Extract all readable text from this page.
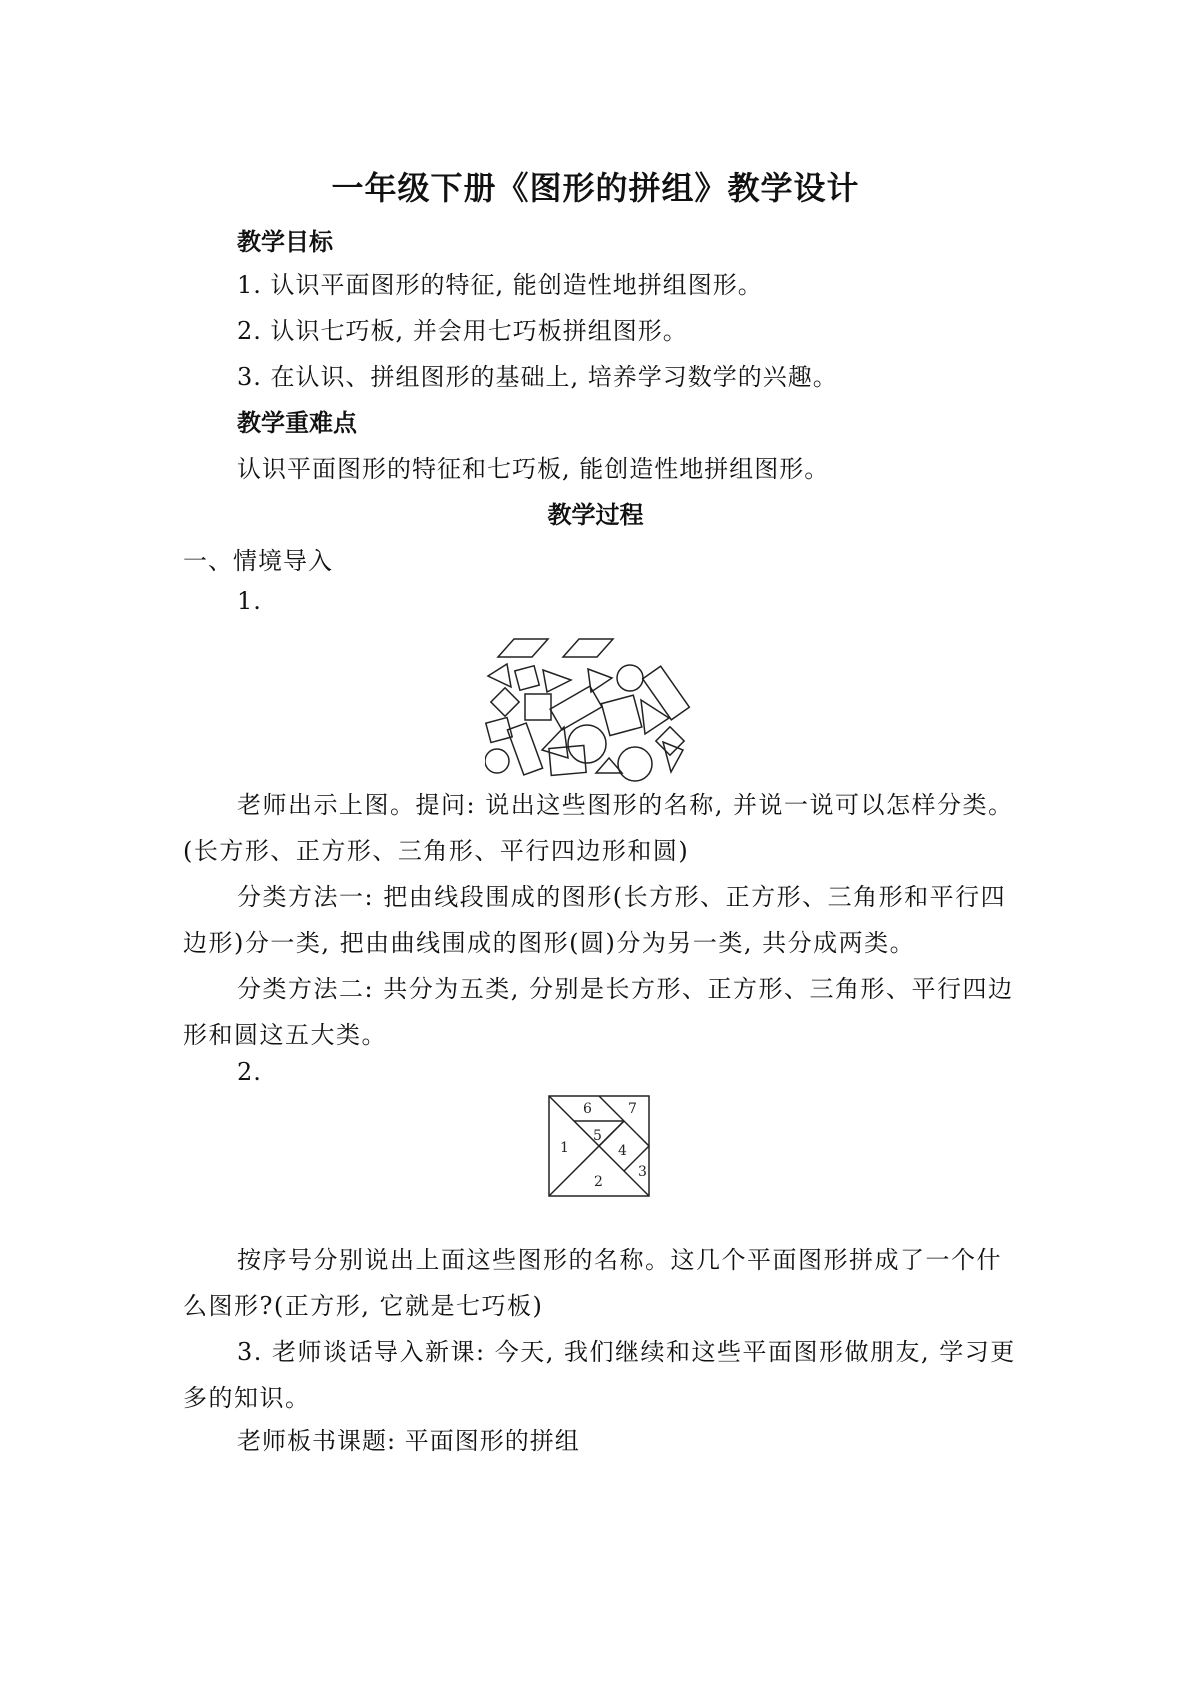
一年级下册《图形的拼组》教学设计
教学目标
1. 认识平面图形的特征, 能创造性地拼组图形。
2. 认识七巧板, 并会用七巧板拼组图形。
3. 在认识、拼组图形的基础上, 培养学习数学的兴趣。
教学重难点
认识平面图形的特征和七巧板, 能创造性地拼组图形。
教学过程
一、情境导入
1.
老师出示上图。提问: 说出这些图形的名称, 并说一说可以怎样分类。(长方形、正方形、三角形、平行四边形和圆)
分类方法一: 把由线段围成的图形(长方形、正方形、三角形和平行四边形)分一类, 把由曲线围成的图形(圆)分为另一类, 共分成两类。
分类方法二: 共分为五类, 分别是长方形、正方形、三角形、平行四边形和圆这五大类。
2.
1
2
3
4
5
6	7
按序号分别说出上面这些图形的名称。这几个平面图形拼成了一个什么图形?(正方形, 它就是七巧板)
3. 老师谈话导入新课: 今天, 我们继续和这些平面图形做朋友, 学习更多的知识。
老师板书课题: 平面图形的拼组
